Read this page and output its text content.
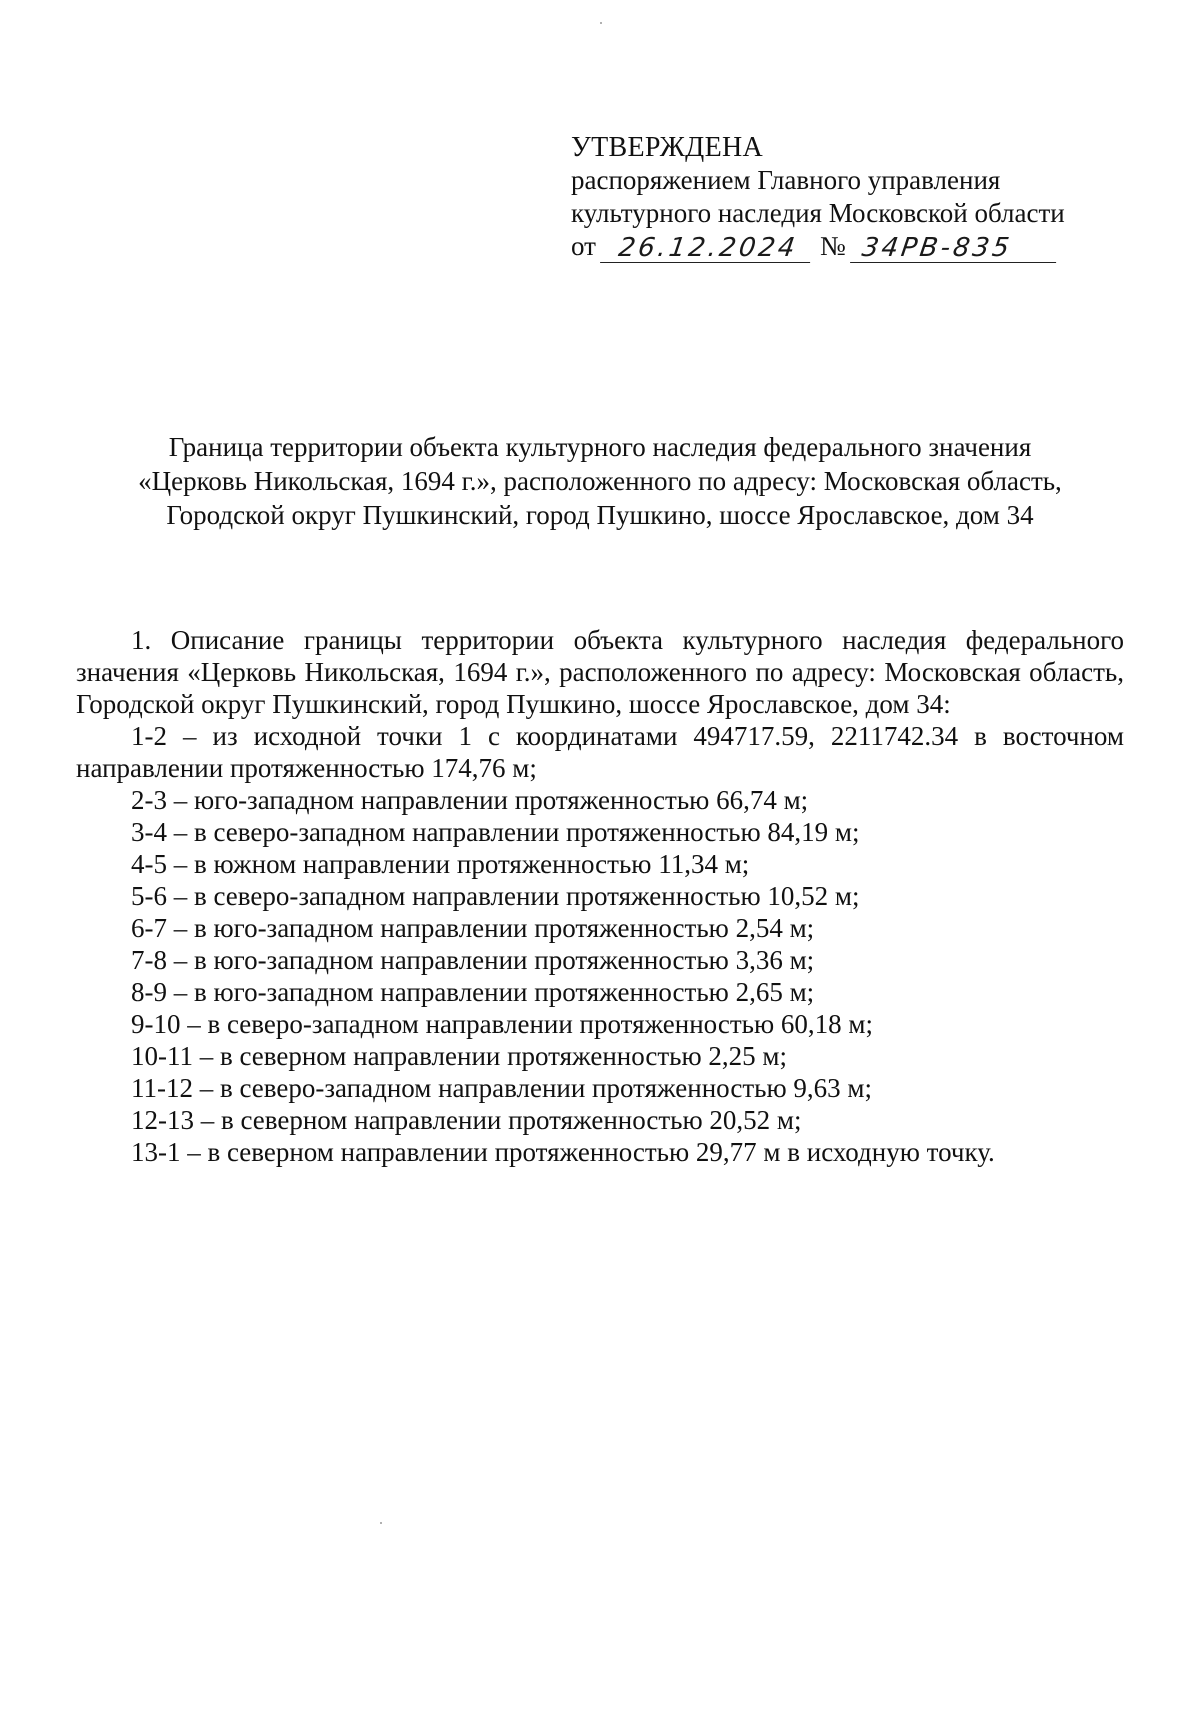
УТВЕРЖДЕНА
распоряжением Главного управления
культурного наследия Московской области
от 26.12.2024 № 34РВ-835
Граница территории объекта культурного наследия федерального значения
«Церковь Никольская, 1694 г.», расположенного по адресу: Московская область,
Городской округ Пушкинский, город Пушкино, шоссе Ярославское, дом 34

1. Описание границы территории объекта культурного наследия федерального значения «Церковь Никольская, 1694 г.», расположенного по адресу: Московская область, Городской округ Пушкинский, город Пушкино, шоссе Ярославское, дом 34:

1-2 – из исходной точки 1 с координатами 494717.59, 2211742.34 в восточном направлении протяженностью 174,76 м;

2-3 – юго-западном направлении протяженностью 66,74 м;
3-4 – в северо-западном направлении протяженностью 84,19 м;
4-5 – в южном направлении протяженностью 11,34 м;
5-6 – в северо-западном направлении протяженностью 10,52 м;
6-7 – в юго-западном направлении протяженностью 2,54 м;
7-8 – в юго-западном направлении протяженностью 3,36 м;
8-9 – в юго-западном направлении протяженностью 2,65 м;
9-10 – в северо-западном направлении протяженностью 60,18 м;
10-11 – в северном направлении протяженностью 2,25 м;
11-12 – в северо-западном направлении протяженностью 9,63 м;
12-13 – в северном направлении протяженностью 20,52 м;
13-1 – в северном направлении протяженностью 29,77 м в исходную точку.
